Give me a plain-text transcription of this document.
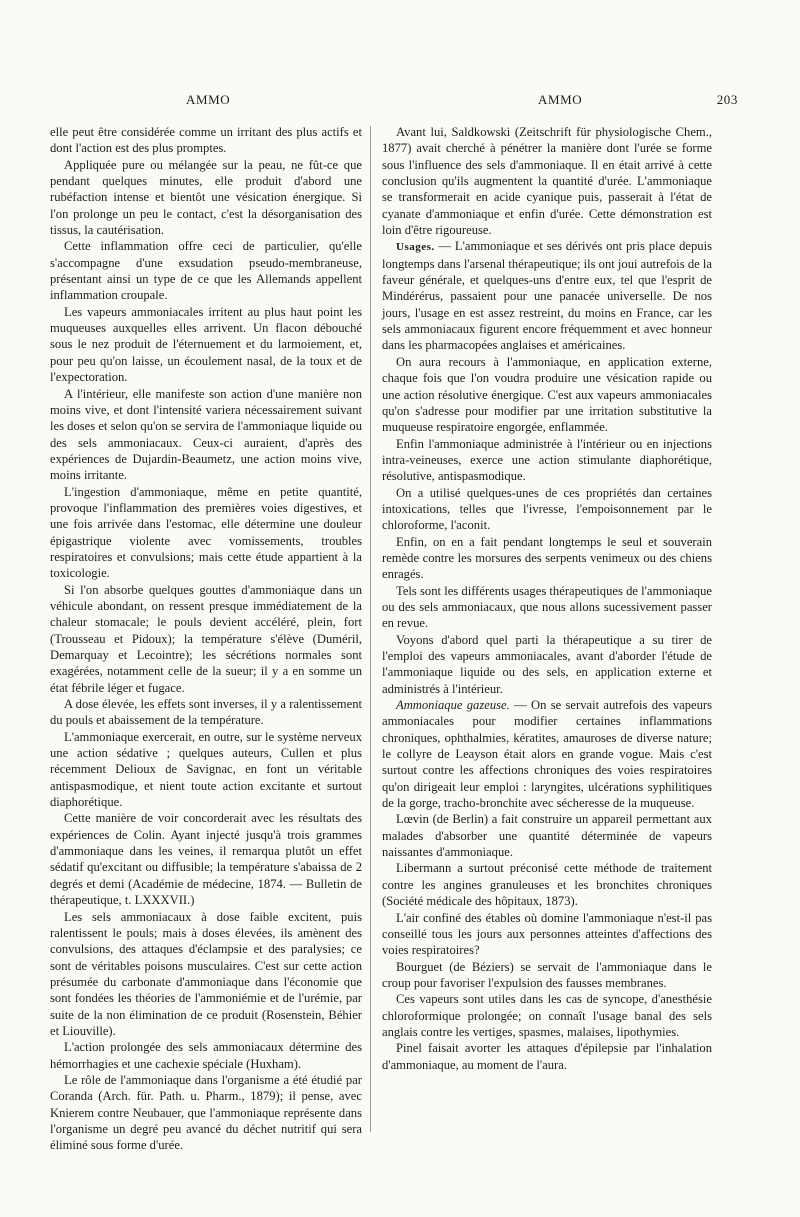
AMMO	AMMO	203

elle peut être considérée comme un irritant des plus actifs et dont l'action est des plus promptes.

Appliquée pure ou mélangée sur la peau, ne fût-ce que pendant quelques minutes, elle produit d'abord une rubéfaction intense et bientôt une vésication énergique. Si l'on prolonge un peu le contact, c'est la désorganisation des tissus, la cautérisation.

Cette inflammation offre ceci de particulier, qu'elle s'accompagne d'une exsudation pseudo-membraneuse, présentant ainsi un type de ce que les Allemands appellent inflammation croupale.

Les vapeurs ammoniacales irritent au plus haut point les muqueuses auxquelles elles arrivent. Un flacon débouché sous le nez produit de l'éternuement et du larmoiement, et, pour peu qu'on laisse, un écoulement nasal, de la toux et de l'expectoration.

A l'intérieur, elle manifeste son action d'une manière non moins vive, et dont l'intensité variera nécessairement suivant les doses et selon qu'on se servira de l'ammoniaque liquide ou des sels ammoniacaux. Ceux-ci auraient, d'après des expériences de Dujardin-Beaumetz, une action moins vive, moins irritante.

L'ingestion d'ammoniaque, même en petite quantité, provoque l'inflammation des premières voies digestives, et une fois arrivée dans l'estomac, elle détermine une douleur épigastrique violente avec vomissements, troubles respiratoires et convulsions; mais cette étude appartient à la toxicologie.

Si l'on absorbe quelques gouttes d'ammoniaque dans un véhicule abondant, on ressent presque immédiatement de la chaleur stomacale; le pouls devient accéléré, plein, fort (Trousseau et Pidoux); la température s'élève (Duméril, Demarquay et Lecointre); les sécrétions normales sont exagérées, notamment celle de la sueur; il y a en somme un état fébrile léger et fugace.

A dose élevée, les effets sont inverses, il y a ralentissement du pouls et abaissement de la température.

L'ammoniaque exercerait, en outre, sur le système nerveux une action sédative ; quelques auteurs, Cullen et plus récemment Delioux de Savignac, en font un véritable antispasmodique, et nient toute action excitante et surtout diaphorétique.

Cette manière de voir concorderait avec les résultats des expériences de Colin. Ayant injecté jusqu'à trois grammes d'ammoniaque dans les veines, il remarqua plutôt un effet sédatif qu'excitant ou diffusible; la température s'abaissa de 2 degrés et demi (Académie de médecine, 1874. — Bulletin de thérapeutique, t. LXXXVII.)

Les sels ammoniacaux à dose faible excitent, puis ralentissent le pouls; mais à doses élevées, ils amènent des convulsions, des attaques d'éclampsie et des paralysies; ce sont de véritables poisons musculaires. C'est sur cette action présumée du carbonate d'ammoniaque dans l'économie que sont fondées les théories de l'ammoniémie et de l'urémie, par suite de la non élimination de ce produit (Rosenstein, Béhier et Liouville).

L'action prolongée des sels ammoniacaux détermine des hémorrhagies et une cachexie spéciale (Huxham).

Le rôle de l'ammoniaque dans l'organisme a été étudié par Coranda (Arch. für. Path. u. Pharm., 1879); il pense, avec Knierem contre Neubauer, que l'ammoniaque représente dans l'organisme un degré peu avancé du déchet nutritif qui sera éliminé sous forme d'urée.

Avant lui, Saldkowski (Zeitschrift für physiologische Chem., 1877) avait cherché à pénétrer la manière dont l'urée se forme sous l'influence des sels d'ammoniaque. Il en était arrivé à cette conclusion qu'ils augmentent la quantité d'urée. L'ammoniaque se transformerait en acide cyanique puis, passerait à l'état de cyanate d'ammoniaque et enfin d'urée. Cette démonstration est loin d'être rigoureuse.

Usages. — L'ammoniaque et ses dérivés ont pris place depuis longtemps dans l'arsenal thérapeutique; ils ont joui autrefois de la faveur générale, et quelques-uns d'entre eux, tel que l'esprit de Mindérérus, passaient pour une panacée universelle. De nos jours, l'usage en est assez restreint, du moins en France, car les sels ammoniacaux figurent encore fréquemment et avec honneur dans les pharmacopées anglaises et américaines.

On aura recours à l'ammoniaque, en application externe, chaque fois que l'on voudra produire une vésication rapide ou une action résolutive énergique. C'est aux vapeurs ammoniacales qu'on s'adresse pour modifier par une irritation substitutive la muqueuse respiratoire engorgée, enflammée.

Enfin l'ammoniaque administrée à l'intérieur ou en injections intra-veineuses, exerce une action stimulante diaphorétique, résolutive, antispasmodique.

On a utilisé quelques-unes de ces propriétés dan certaines intoxications, telles que l'ivresse, l'empoisonnement par le chloroforme, l'aconit.

Enfin, on en a fait pendant longtemps le seul et souverain remède contre les morsures des serpents venimeux ou des chiens enragés.

Tels sont les différents usages thérapeutiques de l'ammoniaque ou des sels ammoniacaux, que nous allons sucessivement passer en revue.

Voyons d'abord quel parti la thérapeutique a su tirer de l'emploi des vapeurs ammoniacales, avant d'aborder l'étude de l'ammoniaque liquide ou des sels, en application externe et administrés à l'intérieur.

Ammoniaque gazeuse. — On se servait autrefois des vapeurs ammoniacales pour modifier certaines inflammations chroniques, ophthalmies, kératites, amauroses de diverse nature; le collyre de Leayson était alors en grande vogue. Mais c'est surtout contre les affections chroniques des voies respiratoires qu'on dirigeait leur emploi : laryngites, ulcérations syphilitiques de la gorge, tracho-bronchite avec sécheresse de la muqueuse.

Lœvin (de Berlin) a fait construire un appareil permettant aux malades d'absorber une quantité déterminée de vapeurs naissantes d'ammoniaque.

Libermann a surtout préconisé cette méthode de traitement contre les angines granuleuses et les bronchites chroniques (Société médicale des hôpitaux, 1873).

L'air confiné des étables où domine l'ammoniaque n'est-il pas conseillé tous les jours aux personnes atteintes d'affections des voies respiratoires?

Bourguet (de Béziers) se servait de l'ammoniaque dans le croup pour favoriser l'expulsion des fausses membranes.

Ces vapeurs sont utiles dans les cas de syncope, d'anesthésie chloroformique prolongée; on connaît l'usage banal des sels anglais contre les vertiges, spasmes, malaises, lipothymies.

Pinel faisait avorter les attaques d'épilepsie par l'inhalation d'ammoniaque, au moment de l'aura.
